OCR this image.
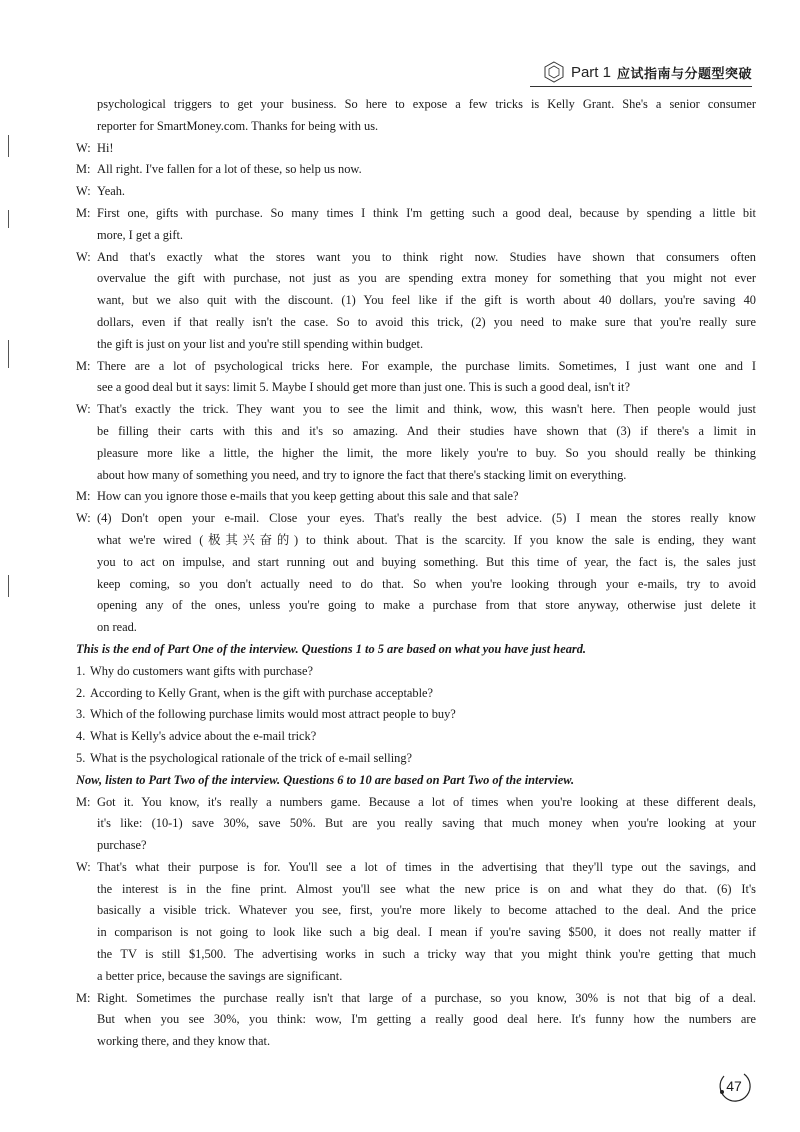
Part 1 应试指南与分题型突破
psychological triggers to get your business. So here to expose a few tricks is Kelly Grant. She's a senior consumer
reporter for SmartMoney.com. Thanks for being with us.
W: Hi!
M: All right. I've fallen for a lot of these, so help us now.
W: Yeah.
M: First one, gifts with purchase. So many times I think I'm getting such a good deal, because by spending a little bit
more, I get a gift.
W: And that's exactly what the stores want you to think right now. Studies have shown that consumers often
overvalue the gift with purchase, not just as you are spending extra money for something that you might not ever
want, but we also quit with the discount. (1) You feel like if the gift is worth about 40 dollars, you're saving 40
dollars, even if that really isn't the case. So to avoid this trick, (2) you need to make sure that you're really sure
the gift is just on your list and you're still spending within budget.
M: There are a lot of psychological tricks here. For example, the purchase limits. Sometimes, I just want one and I
see a good deal but it says: limit 5. Maybe I should get more than just one. This is such a good deal, isn't it?
W: That's exactly the trick. They want you to see the limit and think, wow, this wasn't here. Then people would just
be filling their carts with this and it's so amazing. And their studies have shown that (3) if there's a limit in
pleasure more like a little, the higher the limit, the more likely you're to buy. So you should really be thinking
about how many of something you need, and try to ignore the fact that there's stacking limit on everything.
M: How can you ignore those e-mails that you keep getting about this sale and that sale?
W: (4) Don't open your e-mail. Close your eyes. That's really the best advice. (5) I mean the stores really know
what we're wired (极其兴奋的) to think about. That is the scarcity. If you know the sale is ending, they want
you to act on impulse, and start running out and buying something. But this time of year, the fact is, the sales just
keep coming, so you don't actually need to do that. So when you're looking through your e-mails, try to avoid
opening any of the ones, unless you're going to make a purchase from that store anyway, otherwise just delete it
on read.

This is the end of Part One of the interview. Questions 1 to 5 are based on what you have just heard.

1. Why do customers want gifts with purchase?
2. According to Kelly Grant, when is the gift with purchase acceptable?
3. Which of the following purchase limits would most attract people to buy?
4. What is Kelly's advice about the e-mail trick?
5. What is the psychological rationale of the trick of e-mail selling?

Now, listen to Part Two of the interview. Questions 6 to 10 are based on Part Two of the interview.

M: Got it. You know, it's really a numbers game. Because a lot of times when you're looking at these different deals,
it's like: (10-1) save 30%, save 50%. But are you really saving that much money when you're looking at your
purchase?
W: That's what their purpose is for. You'll see a lot of times in the advertising that they'll type out the savings, and
the interest is in the fine print. Almost you'll see what the new price is on and what they do that. (6) It's
basically a visible trick. Whatever you see, first, you're more likely to become attached to the deal. And the price
in comparison is not going to look like such a big deal. I mean if you're saving $500, it does not really matter if
the TV is still $1,500. The advertising works in such a tricky way that you might think you're getting that much
a better price, because the savings are significant.
M: Right. Sometimes the purchase really isn't that large of a purchase, so you know, 30% is not that big of a deal.
But when you see 30%, you think: wow, I'm getting a really good deal here. It's funny how the numbers are
working there, and they know that.
47
